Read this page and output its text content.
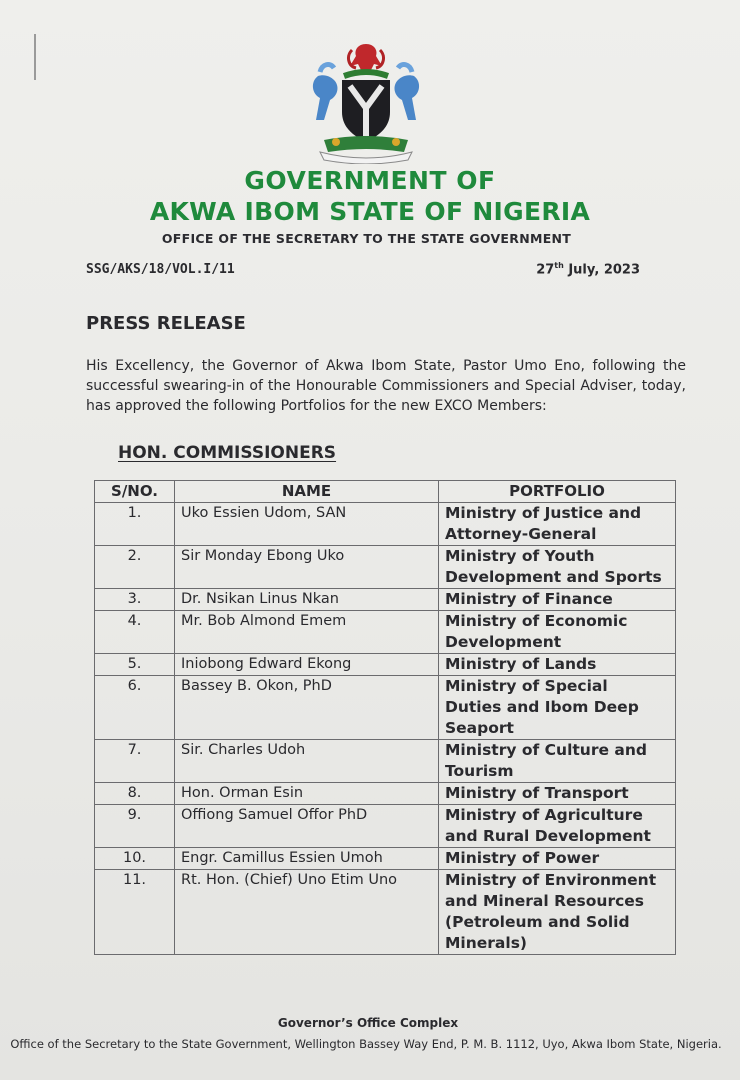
GOVERNMENT OF
AKWA IBOM STATE OF NIGERIA
OFFICE OF THE SECRETARY TO THE STATE GOVERNMENT
SSG/AKS/18/VOL.I/11	27th July, 2023
PRESS RELEASE

His Excellency, the Governor of Akwa Ibom State, Pastor Umo Eno, following the successful swearing-in of the Honourable Commissioners and Special Adviser, today, has approved the following Portfolios for the new EXCO Members:

HON. COMMISSIONERS
S/NO.	NAME	PORTFOLIO
1.	Uko Essien Udom, SAN	Ministry of Justice and Attorney-General
2.	Sir Monday Ebong Uko	Ministry of Youth Development and Sports
3.	Dr. Nsikan Linus Nkan	Ministry of Finance
4.	Mr. Bob Almond Emem	Ministry of Economic Development
5.	Iniobong Edward Ekong	Ministry of Lands
6.	Bassey B. Okon, PhD	Ministry of Special Duties and Ibom Deep Seaport
7.	Sir. Charles Udoh	Ministry of Culture and Tourism
8.	Hon. Orman Esin	Ministry of Transport
9.	Offiong Samuel Offor PhD	Ministry of Agriculture and Rural Development
10.	Engr. Camillus Essien Umoh	Ministry of Power
11.	Rt. Hon. (Chief) Uno Etim Uno	Ministry of Environment and Mineral Resources (Petroleum and Solid Minerals)
Governor’s Office Complex
Office of the Secretary to the State Government, Wellington Bassey Way End, P. M. B. 1112, Uyo, Akwa Ibom State, Nigeria.
